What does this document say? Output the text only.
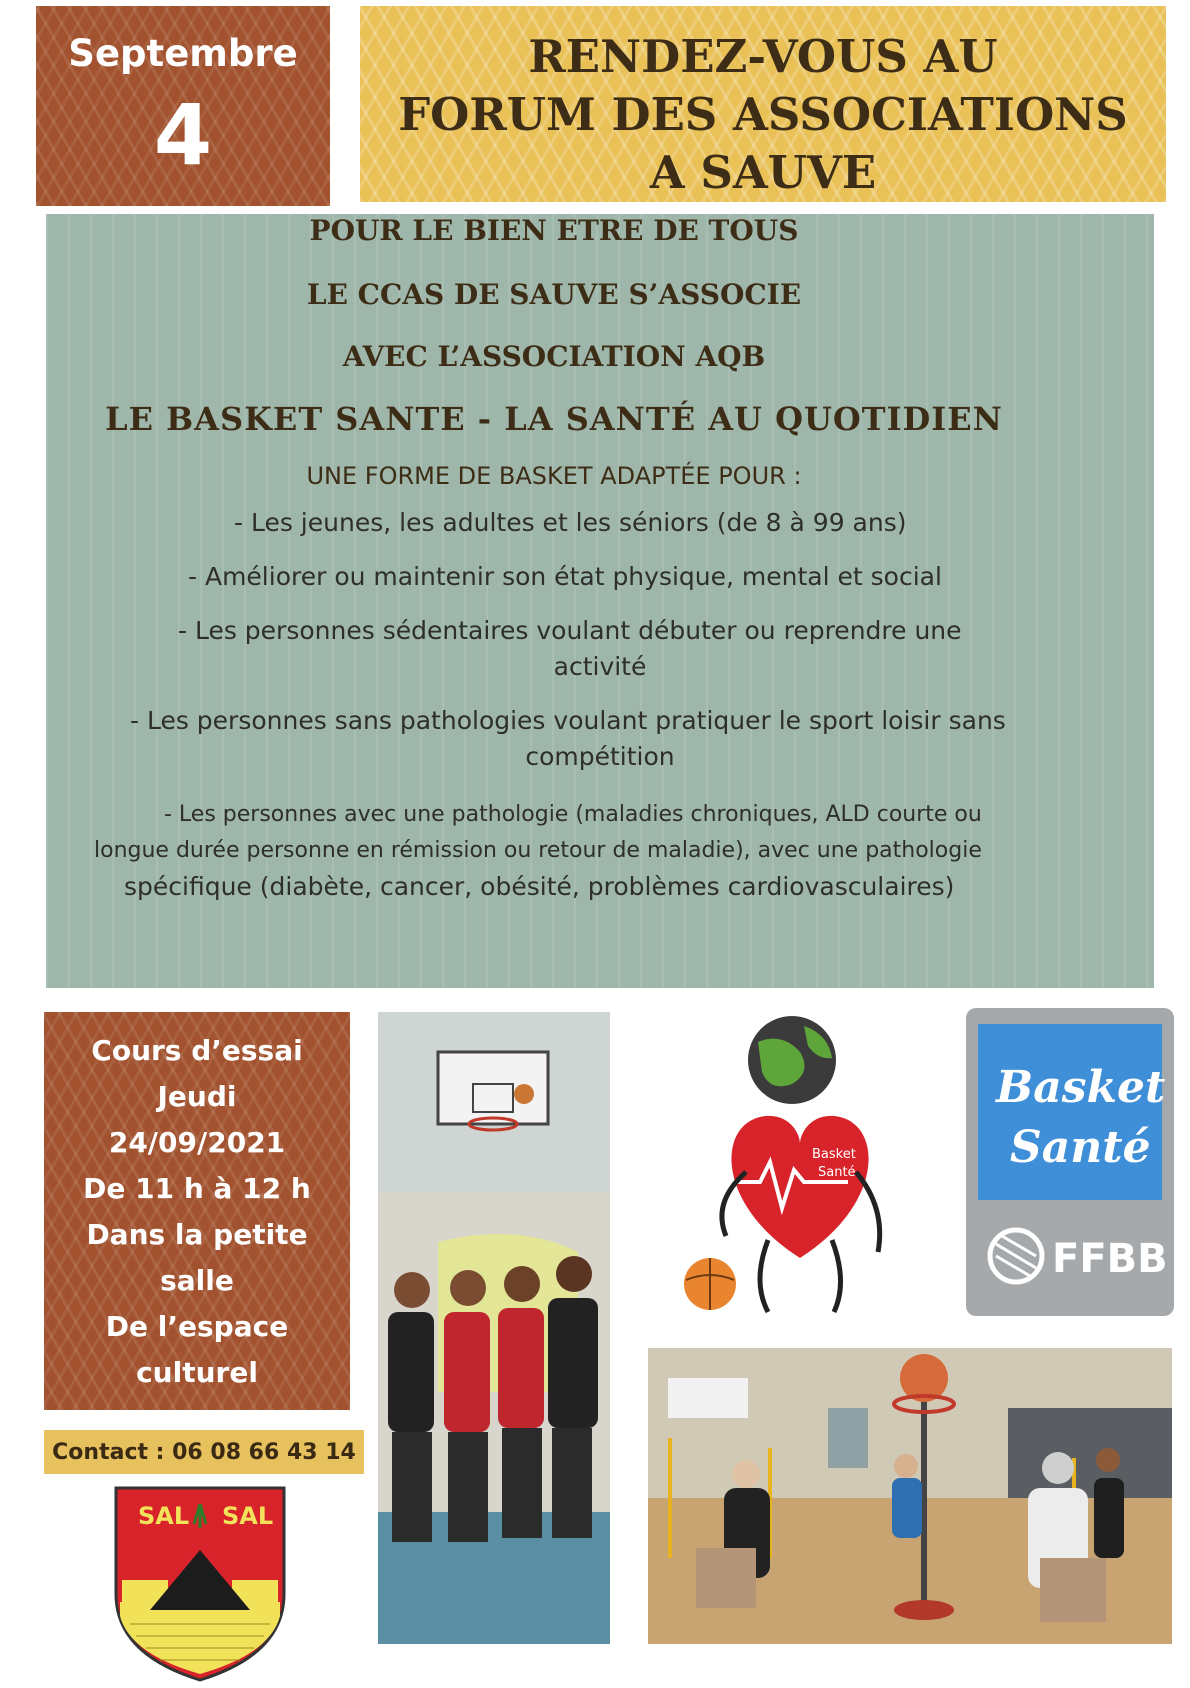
Septembre
4
RENDEZ-VOUS AU
FORUM DES ASSOCIATIONS
A SAUVE
POUR LE BIEN ETRE DE TOUS
LE CCAS DE SAUVE S’ASSOCIE
AVEC L’ASSOCIATION AQB
LE BASKET SANTE - LA SANTÉ AU QUOTIDIEN
UNE FORME DE BASKET ADAPTÉE POUR :
- Les jeunes, les adultes et les séniors (de 8 à 99 ans)
- Améliorer ou maintenir son état physique, mental et social
- Les personnes sédentaires voulant débuter ou reprendre une
activité
- Les personnes sans pathologies voulant pratiquer le sport loisir sans
compétition
- Les personnes avec une pathologie (maladies chroniques, ALD courte ou
longue durée personne en rémission ou retour de maladie), avec une pathologie
spécifique (diabète, cancer, obésité, problèmes cardiovasculaires)
Cours d’essai
Jeudi
24/09/2021
De 11 h à 12 h
Dans la petite
salle
De l’espace
culturel
Contact : 06 08 66 43 14
SAL SAL
Basket
Santé
Basket
Santé
FFBB
